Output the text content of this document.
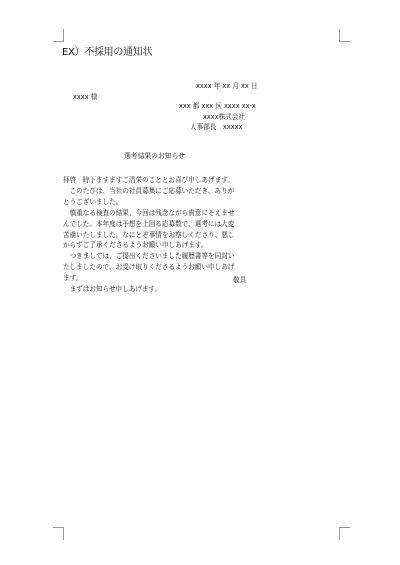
EX）不採用の通知状
xxxx 年 xx 月 xx 日
xxxx 様
xxx 都 xxx 区 xxxx xx-x
xxxx株式会社
人事部長　xxxxx
選考結果のお知らせ
拝啓　時下ますますご清栄のこととお喜び申しあげます。
　このたびは、当社の社員募集にご応募いただき、ありが
とうございました。
　慎重なる検査の結果、今回は残念ながら貴意にそえませ
んでした。本年度は予想を上回る応募数で、選考には大変
苦慮いたしました。なにとぞ事情をお察しくださり、悪し
からずご了承くださるようお願い申しあげます。
　つきましては、ご提出くださいました履歴書等を同封い
たしましたので、お受け取りくださるようお願い申しあげ
ます。
　まずはお知らせ申しあげます。
敬具
